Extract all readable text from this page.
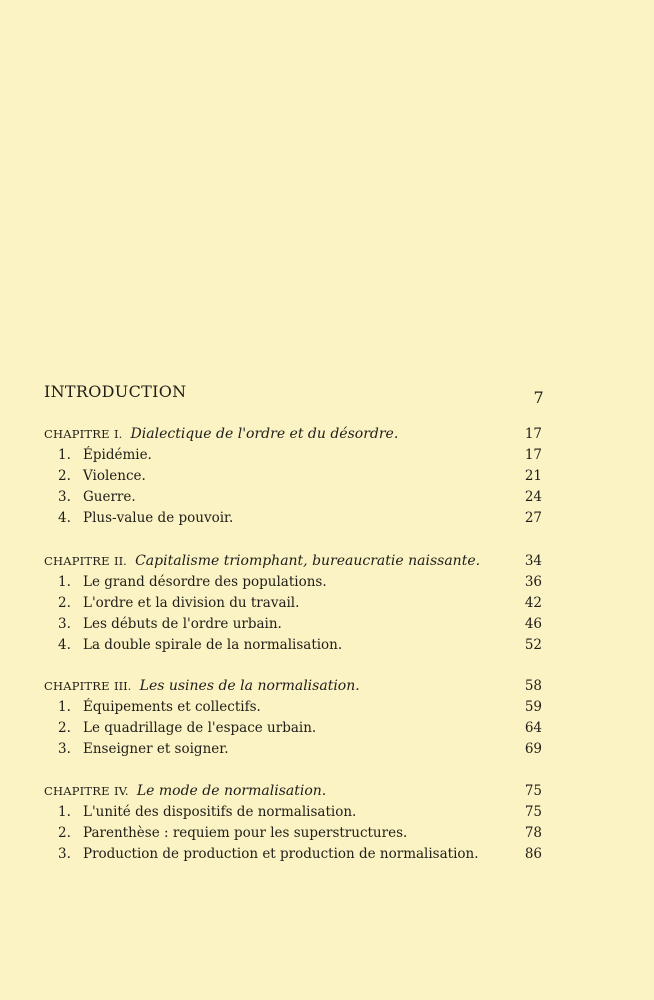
INTRODUCTION	7
CHAPITRE I. Dialectique de l'ordre et du désordre.	17
1. Épidémie.	17
2. Violence.	21
3. Guerre.	24
4. Plus-value de pouvoir.	27
CHAPITRE II. Capitalisme triomphant, bureaucratie naissante.	34
1. Le grand désordre des populations.	36
2. L'ordre et la division du travail.	42
3. Les débuts de l'ordre urbain.	46
4. La double spirale de la normalisation.	52
CHAPITRE III. Les usines de la normalisation.	58
1. Équipements et collectifs.	59
2. Le quadrillage de l'espace urbain.	64
3. Enseigner et soigner.	69
CHAPITRE IV. Le mode de normalisation.	75
1. L'unité des dispositifs de normalisation.	75
2. Parenthèse : requiem pour les superstructures.	78
3. Production de production et production de normalisation.	86
